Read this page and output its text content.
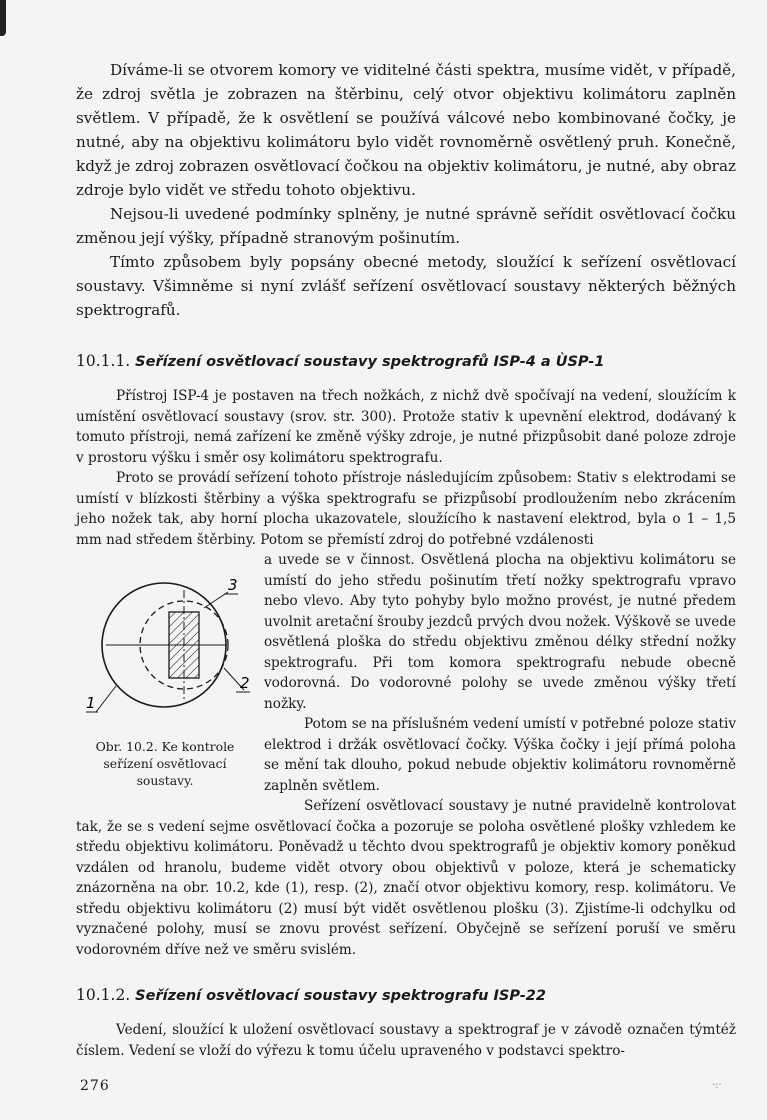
Díváme-li se otvorem komory ve viditelné části spektra, musíme vidět, v případě, že zdroj světla je zobrazen na štěrbinu, celý otvor objektivu kolimátoru zaplněn světlem. V případě, že k osvětlení se používá válcové nebo kombinované čočky, je nutné, aby na objektivu kolimátoru bylo vidět rovnoměrně osvětlený pruh. Konečně, když je zdroj zobrazen osvětlovací čočkou na objektiv kolimátoru, je nutné, aby obraz zdroje bylo vidět ve středu tohoto objektivu.

Nejsou-li uvedené podmínky splněny, je nutné správně seřídit osvětlovací čočku změnou její výšky, případně stranovým pošinutím.

Tímto způsobem byly popsány obecné metody, sloužící k seřízení osvětlovací soustavy. Všimněme si nyní zvlášť seřízení osvětlovací soustavy některých běžných spektrografů.

10.1.1. Seřízení osvětlovací soustavy spektrografů ISP-4 a ÙSP-1

Přístroj ISP-4 je postaven na třech nožkách, z nichž dvě spočívají na vedení, sloužícím k umístění osvětlovací soustavy (srov. str. 300). Protože stativ k upevnění elektrod, dodávaný k tomuto přístroji, nemá zařízení ke změně výšky zdroje, je nutné přizpůsobit dané poloze zdroje v prostoru výšku i směr osy kolimátoru spektrografu.

Proto se provádí seřízení tohoto přístroje následujícím způsobem: Stativ s elektrodami se umístí v blízkosti štěrbiny a výška spektrografu se přizpůsobí prodloužením nebo zkrácením jeho nožek tak, aby horní plocha ukazovatele, sloužícího k nastavení elektrod, byla o 1 – 1,5 mm nad středem štěrbiny. Potom se přemístí zdroj do potřebné vzdálenosti

3
2
1
Obr. 10.2. Ke kontrole seřízení osvětlovací soustavy.

a uvede se v činnost. Osvětlená plocha na objektivu kolimátoru se umístí do jeho středu pošinutím třetí nožky spektrografu vpravo nebo vlevo. Aby tyto pohyby bylo možno provést, je nutné předem uvolnit aretační šrouby jezdců prvých dvou nožek. Výškově se uvede osvětlená ploška do středu objektivu změnou délky střední nožky spektrografu. Při tom komora spektrografu nebude obecně vodorovná. Do vodorovné polohy se uvede změnou výšky třetí nožky.

Potom se na příslušném vedení umístí v potřebné poloze stativ elektrod i držák osvětlovací čočky. Výška čočky i její přímá poloha se mění tak dlouho, pokud nebude objektiv kolimátoru rovnoměrně zaplněn světlem.

Seřízení osvětlovací soustavy je nutné pravidelně kontrolovat tak, že se s vedení sejme osvětlovací čočka a pozoruje se poloha osvětlené plošky vzhledem ke středu objektivu kolimátoru. Poněvadž u těchto dvou spektrografů je objektiv komory poněkud vzdálen od hranolu, budeme vidět otvory obou objektivů v poloze, která je schematicky znázorněna na obr. 10.2, kde (1), resp. (2), značí otvor objektivu komory, resp. kolimátoru. Ve středu objektivu kolimátoru (2) musí být vidět osvětlenou plošku (3). Zjistíme-li odchylku od vyznačené polohy, musí se znovu provést seřízení. Obyčejně se seřízení poruší ve směru vodorovném dříve než ve směru svislém.

10.1.2. Seřízení osvětlovací soustavy spektrografu ISP-22

Vedení, sloužící k uložení osvětlovací soustavy a spektrograf je v závodě označen týmtéž číslem. Vedení se vloží do výřezu k tomu účelu upraveného v podstavci spektro-

276	·:·
